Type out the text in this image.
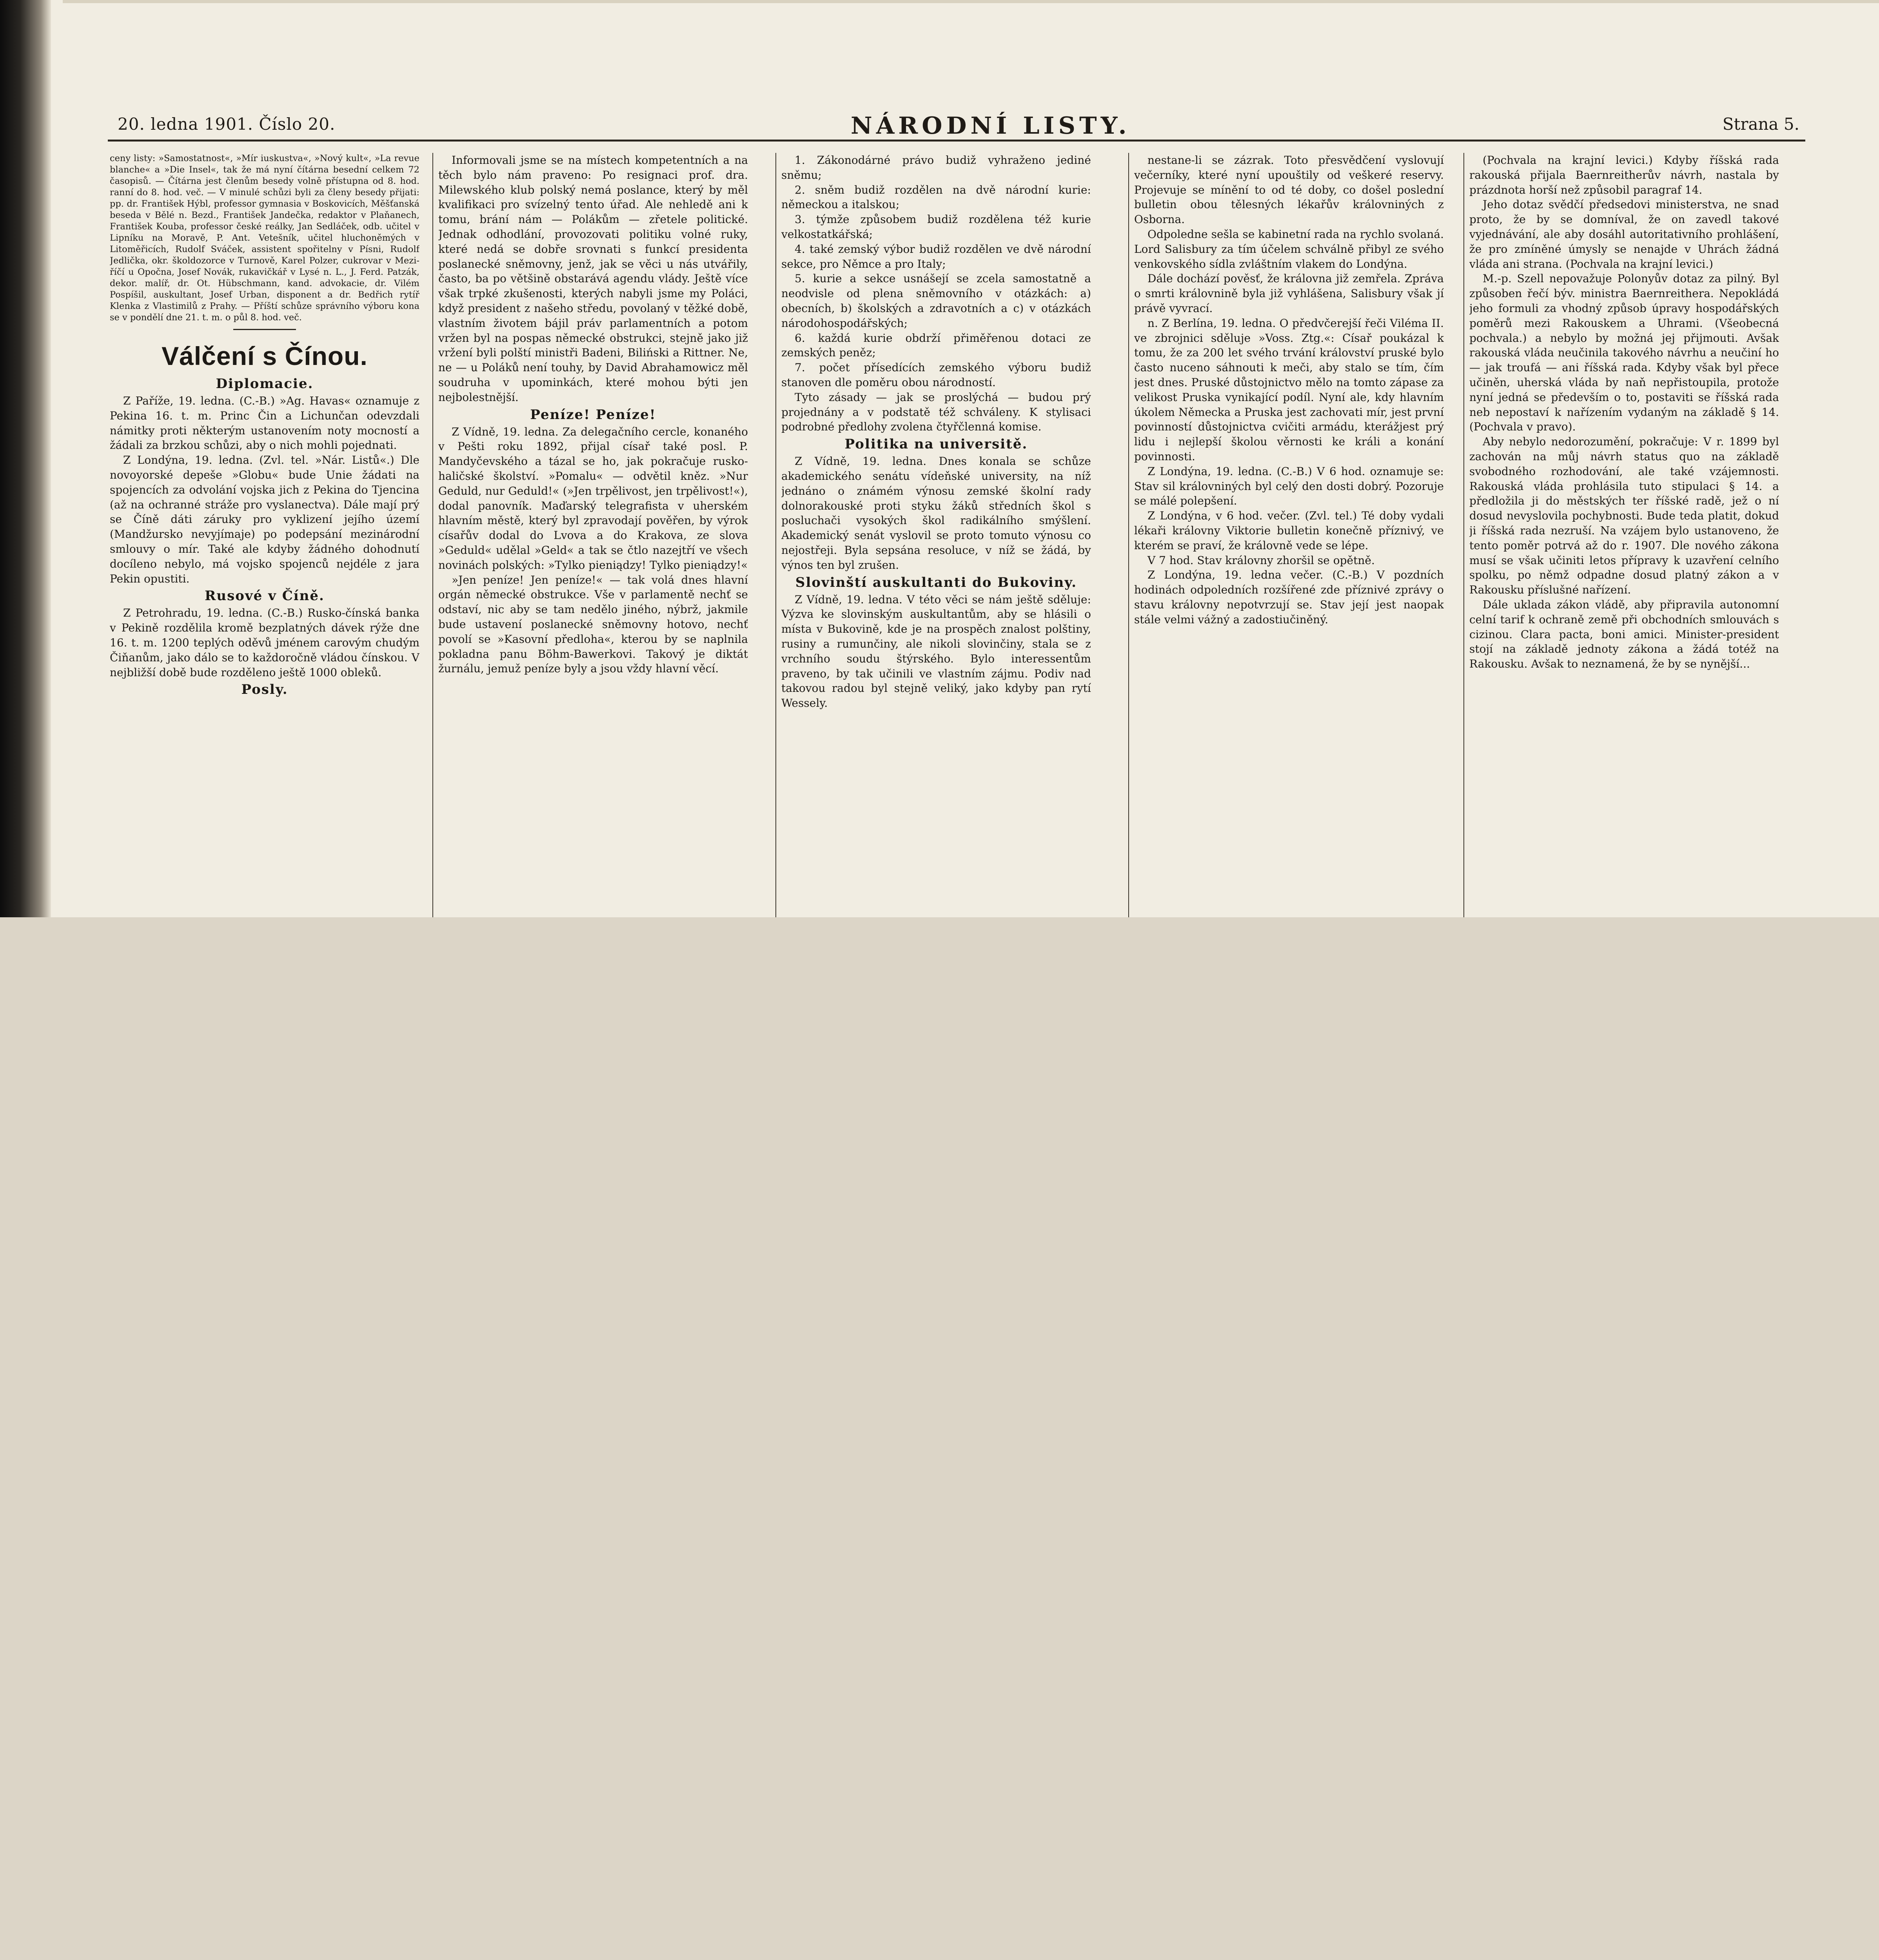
20. ledna 1901. Číslo 20.	NÁRODNÍ LISTY.	Strana 5.

ceny listy: »Samostatnost«, »Mír iuskustva«, »Nový kult«, »La revue blanche« a »Die Insel«, tak že má nyní čítárna besední celkem 72 časopisů. — Čítárna jest členům besedy volně přístupna od 8. hod. ranní do 8. hod. več. — V minulé schůzi byli za členy besedy přijati: pp. dr. František Hýbl, professor gymnasia v Boskovicích, Měšťanská beseda v Bělé n. Bezd., František Jandečka, redaktor v Plaňanech, František Kouba, professor české reálky, Jan Sedláček, odb. učitel v Lipníku na Moravě, P. Ant. Vetešník, učitel hluchoněmých v Litoměřicích, Rudolf Sváček, assistent spořitelny v Písni, Rudolf Jedlička, okr. školdozorce v Turnově, Karel Polzer, cukrovar v Mezi-říčí u Opočna, Josef Novák, rukavičkář v Lysé n. L., J. Ferd. Patzák, dekor. malíř, dr. Ot. Hübschmann, kand. advokacie, dr. Vilém Pospíšil, auskultant, Josef Urban, disponent a dr. Bedřich rytíř Klenka z Vlastimilů z Prahy. — Příští schůze správního výboru kona se v pondělí dne 21. t. m. o půl 8. hod. več.

Válčení s Čínou.
Diplomacie.

Z Paříže, 19. ledna. (C.-B.) »Ag. Havas« oznamuje z Pekina 16. t. m. Princ Čin a Lichunčan odevzdali námitky proti některým ustanovením noty mocností a žádali za brzkou schůzi, aby o nich mohli pojednati.

Z Londýna, 19. ledna. (Zvl. tel. »Nár. Listů«.) Dle novoyorské depeše »Globu« bude Unie žádati na spojencích za odvolání vojska jich z Pekina do Tjencina (až na ochranné stráže pro vyslanectva). Dále mají prý se Číně dáti záruky pro vyklizení jejího území (Mandžursko nevyjímaje) po podepsání mezinárodní smlouvy o mír. Také ale kdyby žádného dohodnutí docíleno nebylo, má vojsko spojenců nejdéle z jara Pekin opustiti.

Rusové v Číně.

Z Petrohradu, 19. ledna. (C.-B.) Rusko-čínská banka v Pekině rozdělila kromě bezplatných dávek rýže dne 16. t. m. 1200 teplých oděvů jménem carovým chudým Čiňanům, jako dálo se to každoročně vládou čínskou. V nejbližší době bude rozděleno ještě 1000 obleků.

Posly.

Informovali jsme se na místech kompetentních a na těch bylo nám praveno: Po resignaci prof. dra. Milewského klub polský nemá poslance, který by měl kvalifikaci pro svízelný tento úřad. Ale nehledě ani k tomu, brání nám — Polákům — zřetele politické. Jednak odhodlání, provozovati politiku volné ruky, které nedá se dobře srovnati s funkcí presidenta poslanecké sněmovny, jenž, jak se věci u nás utvářily, často, ba po většině obstarává agendu vlády. Ještě více však trpké zkušenosti, kterých nabyli jsme my Poláci, když president z našeho středu, povolaný v těžké době, vlastním životem bájil práv parlamentních a potom vržen byl na pospas německé obstrukci, stejně jako již vržení byli polští ministři Badeni, Biliński a Rittner. Ne, ne — u Poláků není touhy, by David Abrahamowicz měl soudruha v upominkách, které mohou býti jen nejbolestnější.

Peníze! Peníze!

Z Vídně, 19. ledna. Za delegačního cercle, konaného v Pešti roku 1892, přijal císař také posl. P. Mandyčevského a tázal se ho, jak pokračuje rusko-haličské školství. »Pomalu« — odvětil kněz. »Nur Geduld, nur Geduld!« (»Jen trpělivost, jen trpělivost!«), dodal panovník. Maďarský telegrafista v uherském hlavním městě, který byl zpravodají pověřen, by výrok císařův dodal do Lvova a do Krakova, ze slova »Geduld« udělal »Geld« a tak se čtlo nazejtří ve všech novinách polských: »Tylko pieniądzy! Tylko pieniądzy!«

»Jen peníze! Jen peníze!« — tak volá dnes hlavní orgán německé obstrukce. Vše v parlamentě nechť se odstaví, nic aby se tam nedělo jiného, nýbrž, jakmile bude ustavení poslanecké sněmovny hotovo, nechť povolí se »Kasovní předloha«, kterou by se naplnila pokladna panu Böhm-Bawerkovi. Takový je diktát žurnálu, jemuž peníze byly a jsou vždy hlavní věcí.

1. Zákonodárné právo budiž vyhraženo jediné sněmu;

2. sněm budiž rozdělen na dvě národní kurie: německou a italskou;

3. týmže způsobem budiž rozdělena též kurie velkostatkářská;

4. také zemský výbor budiž rozdělen ve dvě národní sekce, pro Němce a pro Italy;

5. kurie a sekce usnášejí se zcela samostatně a neodvisle od plena sněmovního v otázkách: a) obecních, b) školských a zdravotních a c) v otázkách národohospodářských;

6. každá kurie obdrží přiměřenou dotaci ze zemských peněz;

7. počet přísedících zemského výboru budiž stanoven dle poměru obou národností.

Tyto zásady — jak se proslýchá — budou prý projednány a v podstatě též schváleny. K stylisaci podrobné předlohy zvolena čtyřčlenná komise.

Politika na universitě.

Z Vídně, 19. ledna. Dnes konala se schůze akademického senátu vídeňské university, na níž jednáno o známém výnosu zemské školní rady dolnorakouské proti styku žáků středních škol s posluchači vysokých škol radikálního smýšlení. Akademický senát vyslovil se proto tomuto výnosu co nejostřeji. Byla sepsána resoluce, v níž se žádá, by výnos ten byl zrušen.

Slovinští auskultanti do Bukoviny.

Z Vídně, 19. ledna. V této věci se nám ještě sděluje: Výzva ke slovinským auskultantům, aby se hlásili o místa v Bukovině, kde je na prospěch znalost polštiny, rusiny a rumunčiny, ale nikoli slovinčiny, stala se z vrchního soudu štýrského. Bylo interessentům praveno, by tak učinili ve vlastním zájmu. Podiv nad takovou radou byl stejně veliký, jako kdyby pan rytí Wessely.

nestane-li se zázrak. Toto přesvědčení vyslovují večerníky, které nyní upouštily od veškeré reservy. Projevuje se mínění to od té doby, co došel poslední bulletin obou tělesných lékařův královniných z Osborna.

Odpoledne sešla se kabinetní rada na rychlo svolaná. Lord Salisbury za tím účelem schválně přibyl ze svého venkovského sídla zvláštním vlakem do Londýna.

Dále dochází pověsť, že královna již zemřela. Zpráva o smrti královnině byla již vyhlášena, Salisbury však jí právě vyvrací.

n. Z Berlína, 19. ledna. O předvčerejší řeči Viléma II. ve zbrojnici sděluje »Voss. Ztg.«: Císař poukázal k tomu, že za 200 let svého trvání království pruské bylo často nuceno sáhnouti k meči, aby stalo se tím, čím jest dnes. Pruské důstojnictvo mělo na tomto zápase za velikost Pruska vynikající podíl. Nyní ale, kdy hlavním úkolem Německa a Pruska jest zachovati mír, jest první povinností důstojnictva cvičiti armádu, kterážjest prý lidu i nejlepší školou věrnosti ke králi a konání povinnosti.

Z Londýna, 19. ledna. (C.-B.) V 6 hod. oznamuje se: Stav sil královniných byl celý den dosti dobrý. Pozoruje se málé polepšení.

Z Londýna, v 6 hod. večer. (Zvl. tel.) Té doby vydali lékaři královny Viktorie bulletin konečně příznivý, ve kterém se praví, že královně vede se lépe.

V 7 hod. Stav královny zhoršil se opětně.

Z Londýna, 19. ledna večer. (C.-B.) V pozdních hodinách odpoledních rozšířené zde příznivé zprávy o stavu královny nepotvrzují se. Stav její jest naopak stále velmi vážný a zadostiučiněný.

(Pochvala na krajní levici.) Kdyby říšská rada rakouská přijala Baernreitherův návrh, nastala by prázdnota horší než způsobil paragraf 14.

Jeho dotaz svědčí předsedovi ministerstva, ne snad proto, že by se domníval, že on zavedl takové vyjednávání, ale aby dosáhl autoritativního prohlášení, že pro zmíněné úmysly se nenajde v Uhrách žádná vláda ani strana. (Pochvala na krajní levici.)

M.-p. Szell nepovažuje Polonyův dotaz za pilný. Byl způsoben řečí býv. ministra Baernreithera. Nepokládá jeho formuli za vhodný způsob úpravy hospodářských poměrů mezi Rakouskem a Uhrami. (Všeobecná pochvala.) a nebylo by možná jej přijmouti. Avšak rakouská vláda neučinila takového návrhu a neučiní ho — jak troufá — ani říšská rada. Kdyby však byl přece učiněn, uherská vláda by naň nepřistoupila, protože nyní jedná se především o to, postaviti se říšská rada neb nepostaví k nařízením vydaným na základě § 14. (Pochvala v pravo).

Aby nebylo nedorozumění, pokračuje: V r. 1899 byl zachován na můj návrh status quo na základě svobodného rozhodování, ale také vzájemnosti. Rakouská vláda prohlásila tuto stipulaci § 14. a předložila ji do městských ter říšské radě, jež o ní dosud nevyslovila pochybnosti. Bude teda platit, dokud ji říšská rada nezruší. Na vzájem bylo ustanoveno, že tento poměr potrvá až do r. 1907. Dle nového zákona musí se však učiniti letos přípravy k uzavření celního spolku, po němž odpadne dosud platný zákon a v Rakousku příslušné nařízení.

Dále uklada zákon vládě, aby připravila autonomní celní tarif k ochraně země při obchodních smlouvách s cizinou. Clara pacta, boni amici. Minister-president stojí na základě jednoty zákona a žádá totéž na Rakousku. Avšak to neznamená, že by se nynější...
